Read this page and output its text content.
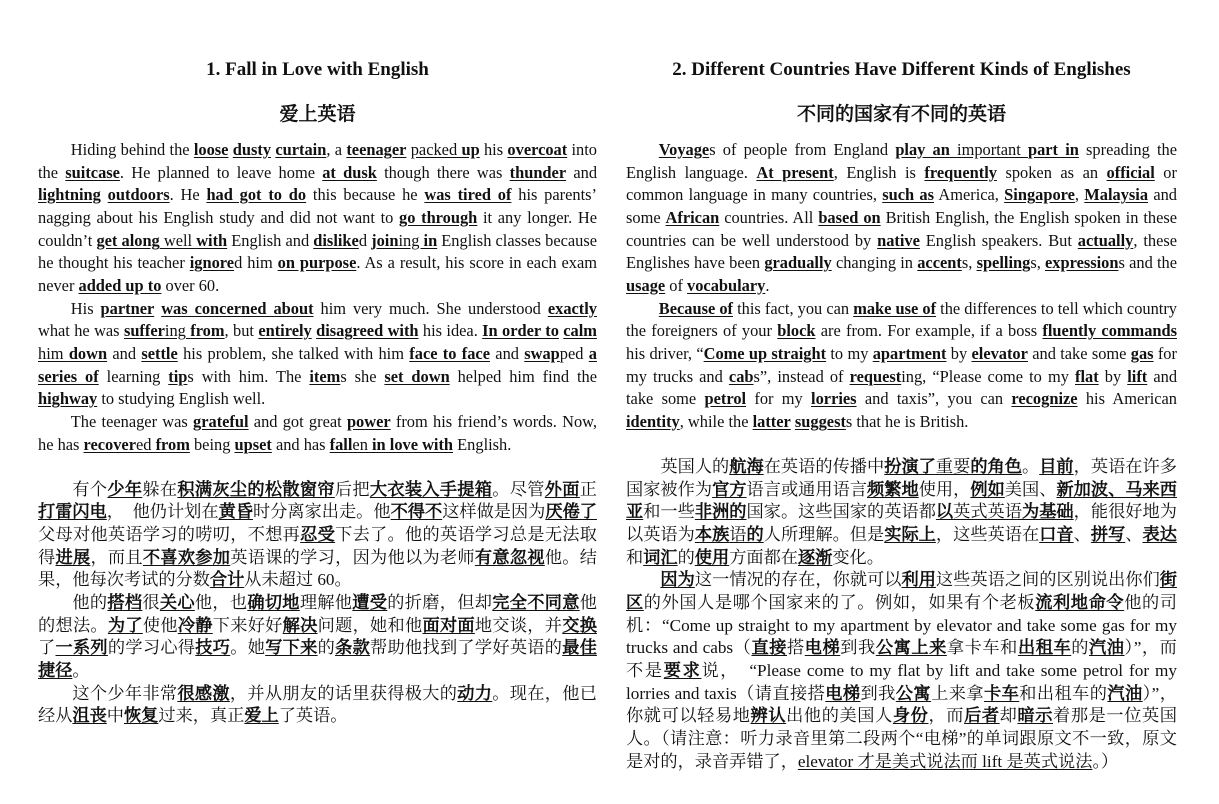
1. Fall in Love with English
爱上英语

Hiding behind the loose dusty curtain, a teenager packed up his overcoat into the suitcase. He planned to leave home at dusk though there was thunder and lightning outdoors. He had got to do this because he was tired of his parents’ nagging about his English study and did not want to go through it any longer. He couldn’t get along well with English and disliked joining in English classes because he thought his teacher ignored him on purpose. As a result, his score in each exam never added up to over 60.

His partner was concerned about him very much. She understood exactly what he was suffering from, but entirely disagreed with his idea. In order to calm him down and settle his problem, she talked with him face to face and swapped a series of learning tips with him. The items she set down helped him find the highway to studying English well.

The teenager was grateful and got great power from his friend’s words. Now, he has recovered from being upset and has fallen in love with English.

有个少年躲在积满灰尘的松散窗帘后把大衣装入手提箱。尽管外面正打雷闪电，　他仍计划在黄昏时分离家出走。他不得不这样做是因为厌倦了父母对他英语学习的唠叨，不想再忍受下去了。他的英语学习总是无法取得进展，而且不喜欢参加英语课的学习，因为他以为老师有意忽视他。结果，他每次考试的分数合计从未超过 60。

他的搭档很关心他，也确切地理解他遭受的折磨，但却完全不同意他的想法。为了使他冷静下来好好解决问题，她和他面对面地交谈，并交换了一系列的学习心得技巧。她写下来的条款帮助他找到了学好英语的最佳捷径。

这个少年非常很感激，并从朋友的话里获得极大的动力。现在，他已经从沮丧中恢复过来，真正爱上了英语。

2. Different Countries Have Different Kinds of Englishes
不同的国家有不同的英语

Voyages of people from England play an important part in spreading the English language. At present, English is frequently spoken as an official or common language in many countries, such as America, Singapore, Malaysia and some African countries. All based on British English, the English spoken in these countries can be well understood by native English speakers. But actually, these Englishes have been gradually changing in accents, spellings, expressions and the usage of vocabulary.

Because of this fact, you can make use of the differences to tell which country the foreigners of your block are from. For example, if a boss fluently commands his driver, “Come up straight to my apartment by elevator and take some gas for my trucks and cabs”, instead of requesting, “Please come to my flat by lift and take some petrol for my lorries and taxis”, you can recognize his American identity, while the latter suggests that he is British.

英国人的航海在英语的传播中扮演了重要的角色。目前，英语在许多国家被作为官方语言或通用语言频繁地使用，例如美国、新加波、马来西亚和一些非洲的国家。这些国家的英语都以英式英语为基础，能很好地为以英语为本族语的人所理解。但是实际上，这些英语在口音、拼写、表达和词汇的使用方面都在逐渐变化。

因为这一情况的存在，你就可以利用这些英语之间的区别说出你们街区的外国人是哪个国家来的了。例如，如果有个老板流利地命令他的司机：“Come up straight to my apartment by elevator and take some gas for my trucks and cabs（直接搭电梯到我公寓上来拿卡车和出租车的汽油）”，而不是要求说，　“Please come to my flat by lift and take some petrol for my lorries and taxis（请直接搭电梯到我公寓上来拿卡车和出租车的汽油）”，你就可以轻易地辨认出他的美国人身份，而后者却暗示着那是一位英国人。（请注意：听力录音里第二段两个“电梯”的单词跟原文不一致，原文是对的，录音弄错了，elevator 才是美式说法而 lift 是英式说法。）
